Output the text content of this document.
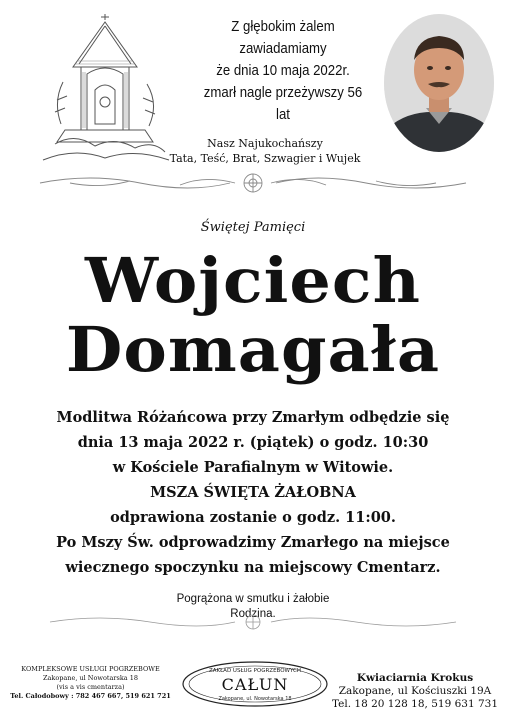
Z głębokim żalem zawiadamiamy
że dnia 10 maja 2022r.
zmarł nagle przeżywszy 56 lat
Nasz Najukochańszy
Tata, Teść, Brat, Szwagier i Wujek
Świętej Pamięci
Wojciech
Domagała
Modlitwa Różańcowa przy Zmarłym odbędzie się
dnia 13 maja 2022 r. (piątek) o godz. 10:30
w Kościele Parafialnym w Witowie.
MSZA ŚWIĘTA ŻAŁOBNA
odprawiona zostanie o godz. 11:00.
Po Mszy Św. odprowadzimy Zmarłego na miejsce
wiecznego spoczynku na miejscowy Cmentarz.
Pogrążona w smutku i żałobie
Rodzina.
KOMPLEKSOWE USŁUGI POGRZEBOWE
Zakopane, ul Nowotarska 18
(vis a vis cmentarza)
Tel. Całodobowy : 782 467 667, 519 621 721
ZAKŁAD USŁUG POGRZEBOWYCH
CAŁUN
Zakopane, ul. Nowotarska 18
Kwiaciarnia Krokus
Zakopane, ul Kościuszki 19A
Tel. 18 20 128 18, 519 631 731
